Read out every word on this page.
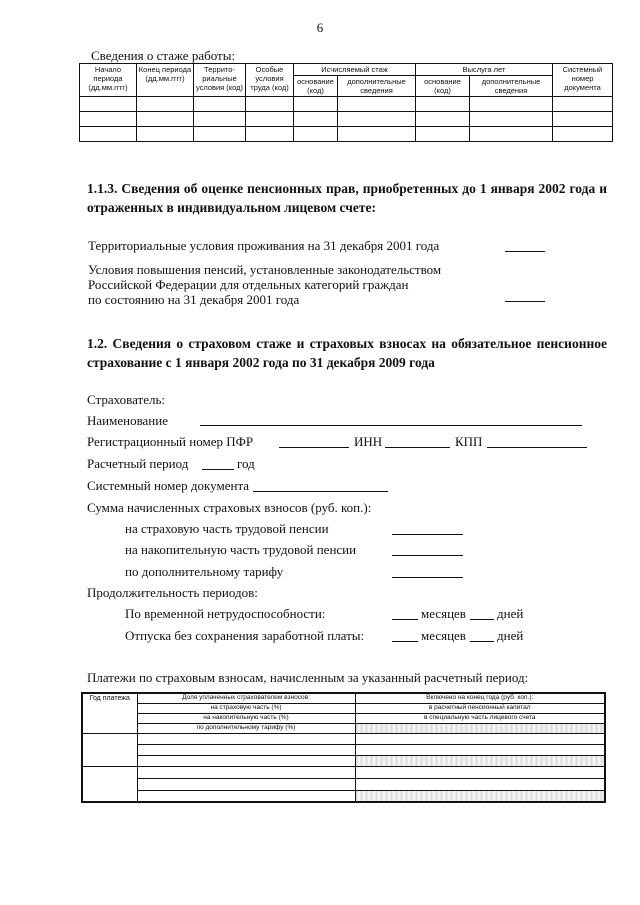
6
Сведения о стаже работы:
Начало периода (дд.мм.гггг)	Конец периода (дд.мм.гггг)	Террито-риальные условия (код)	Особые условия труда (код)	Исчисляемый стаж		Выслуга лет		Системный номер документа
				основание (код)	дополнительные сведения	основание (код)	дополнительные сведения	

1.1.3. Сведения об оценке пенсионных прав, приобретенных до 1 января 2002 года и отраженных в индивидуальном лицевом счете:
Территориальные условия проживания на 31 декабря 2001 года
Условия повышения пенсий, установленные законодательством
Российской Федерации для отдельных категорий граждан
по состоянию на 31 декабря 2001 года
1.2. Сведения о страховом стаже и страховых взносах на обязательное пенсионное страхование с 1 января 2002 года по 31 декабря 2009 года
Страхователь:
Наименование
Регистрационный номер ПФР	ИНН	КПП
Расчетный период	год
Системный номер документа
Сумма начисленных страховых взносов (руб. коп.):
на страховую часть трудовой пенсии
на накопительную часть трудовой пенсии
по дополнительному тарифу
Продолжительность периодов:
По временной нетрудоспособности:	месяцев дней
Отпуска без сохранения заработной платы:	месяцев дней
Платежи по страховым взносам, начисленным за указанный расчетный период:
Год платежа	Доля уплаченных страхователем взносов:	Включено на конец года (руб. коп.):
	на страховую часть (%)	в расчетный пенсионный капитал
	на накопительную часть (%)	в специальную часть лицевого счета
	по дополнительному тарифу (%)	
